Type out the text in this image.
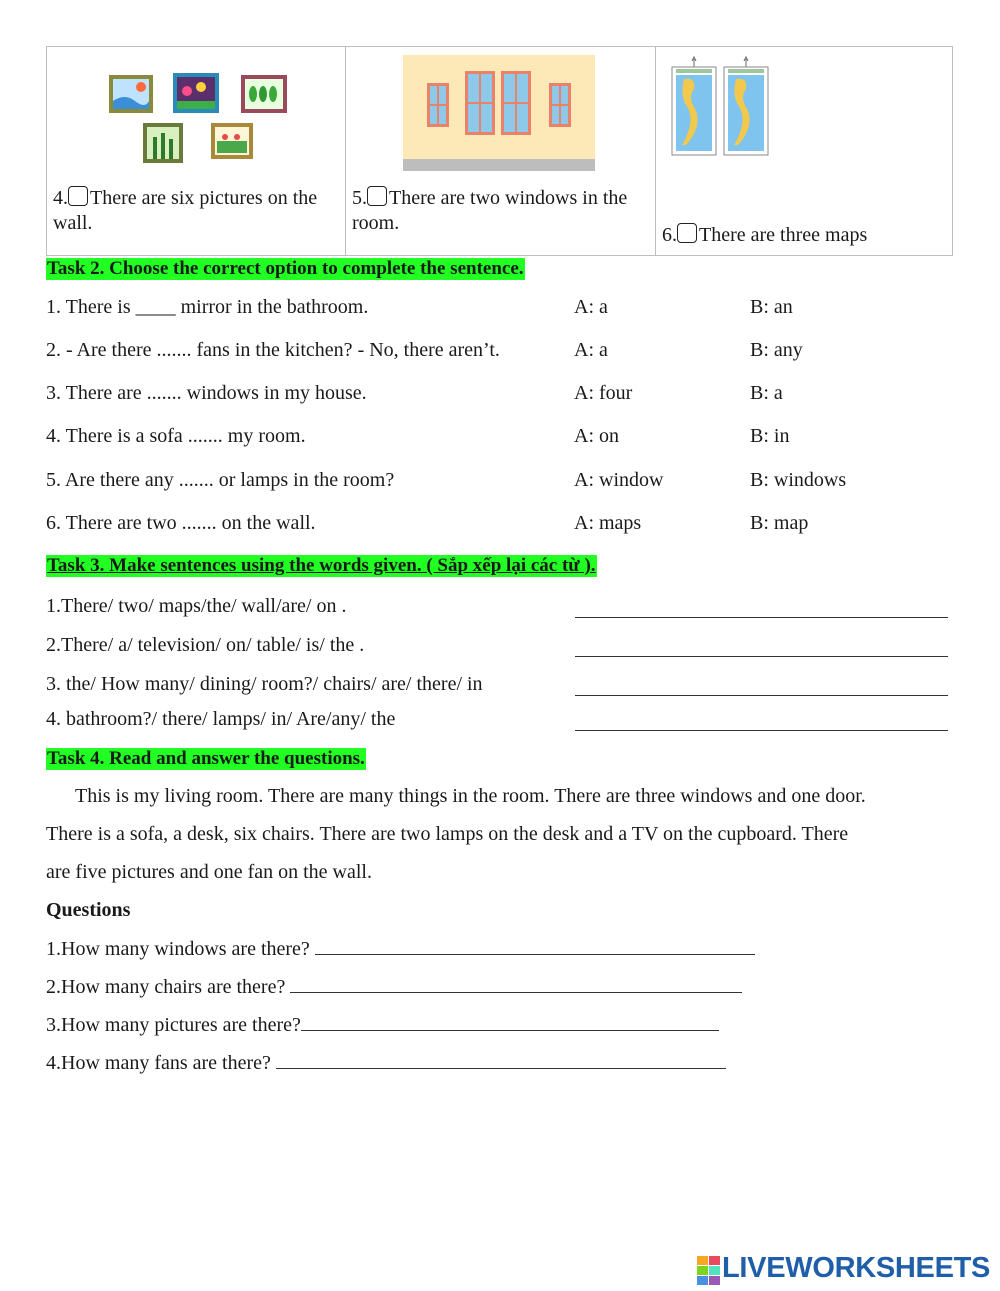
4. There are six pictures on the wall.

5. There are two windows in the room.

6. There are three maps
Task 2. Choose the correct option to complete the sentence.
1. There is ____ mirror in the bathroom.	A: a	B: an
2. - Are there ....... fans in the kitchen? - No, there aren’t.	A: a	B: any
3. There are ....... windows in my house.	A: four	B: a
4. There is a sofa ....... my room.	A: on	B: in
5. Are there any ....... or lamps in the room?	A: window	B: windows
6. There are two ....... on the wall.	A: maps	B: map
Task 3. Make sentences using the words given. ( Sắp xếp lại các từ ).
1.There/ two/ maps/the/ wall/are/ on .
2.There/ a/ television/ on/ table/ is/ the .
3. the/ How many/ dining/ room?/ chairs/ are/ there/ in
4. bathroom?/ there/ lamps/ in/ Are/any/ the
Task 4. Read and answer the questions.
This is my living room. There are many things in the room. There are three windows and one door.
There is a sofa, a desk, six chairs. There are two lamps on the desk and a TV on the cupboard. There
are five pictures and one fan on the wall.
Questions
1.How many windows are there?
2.How many chairs are there?
3.How many pictures are there?
4.How many fans are there?
LIVEWORKSHEETS
